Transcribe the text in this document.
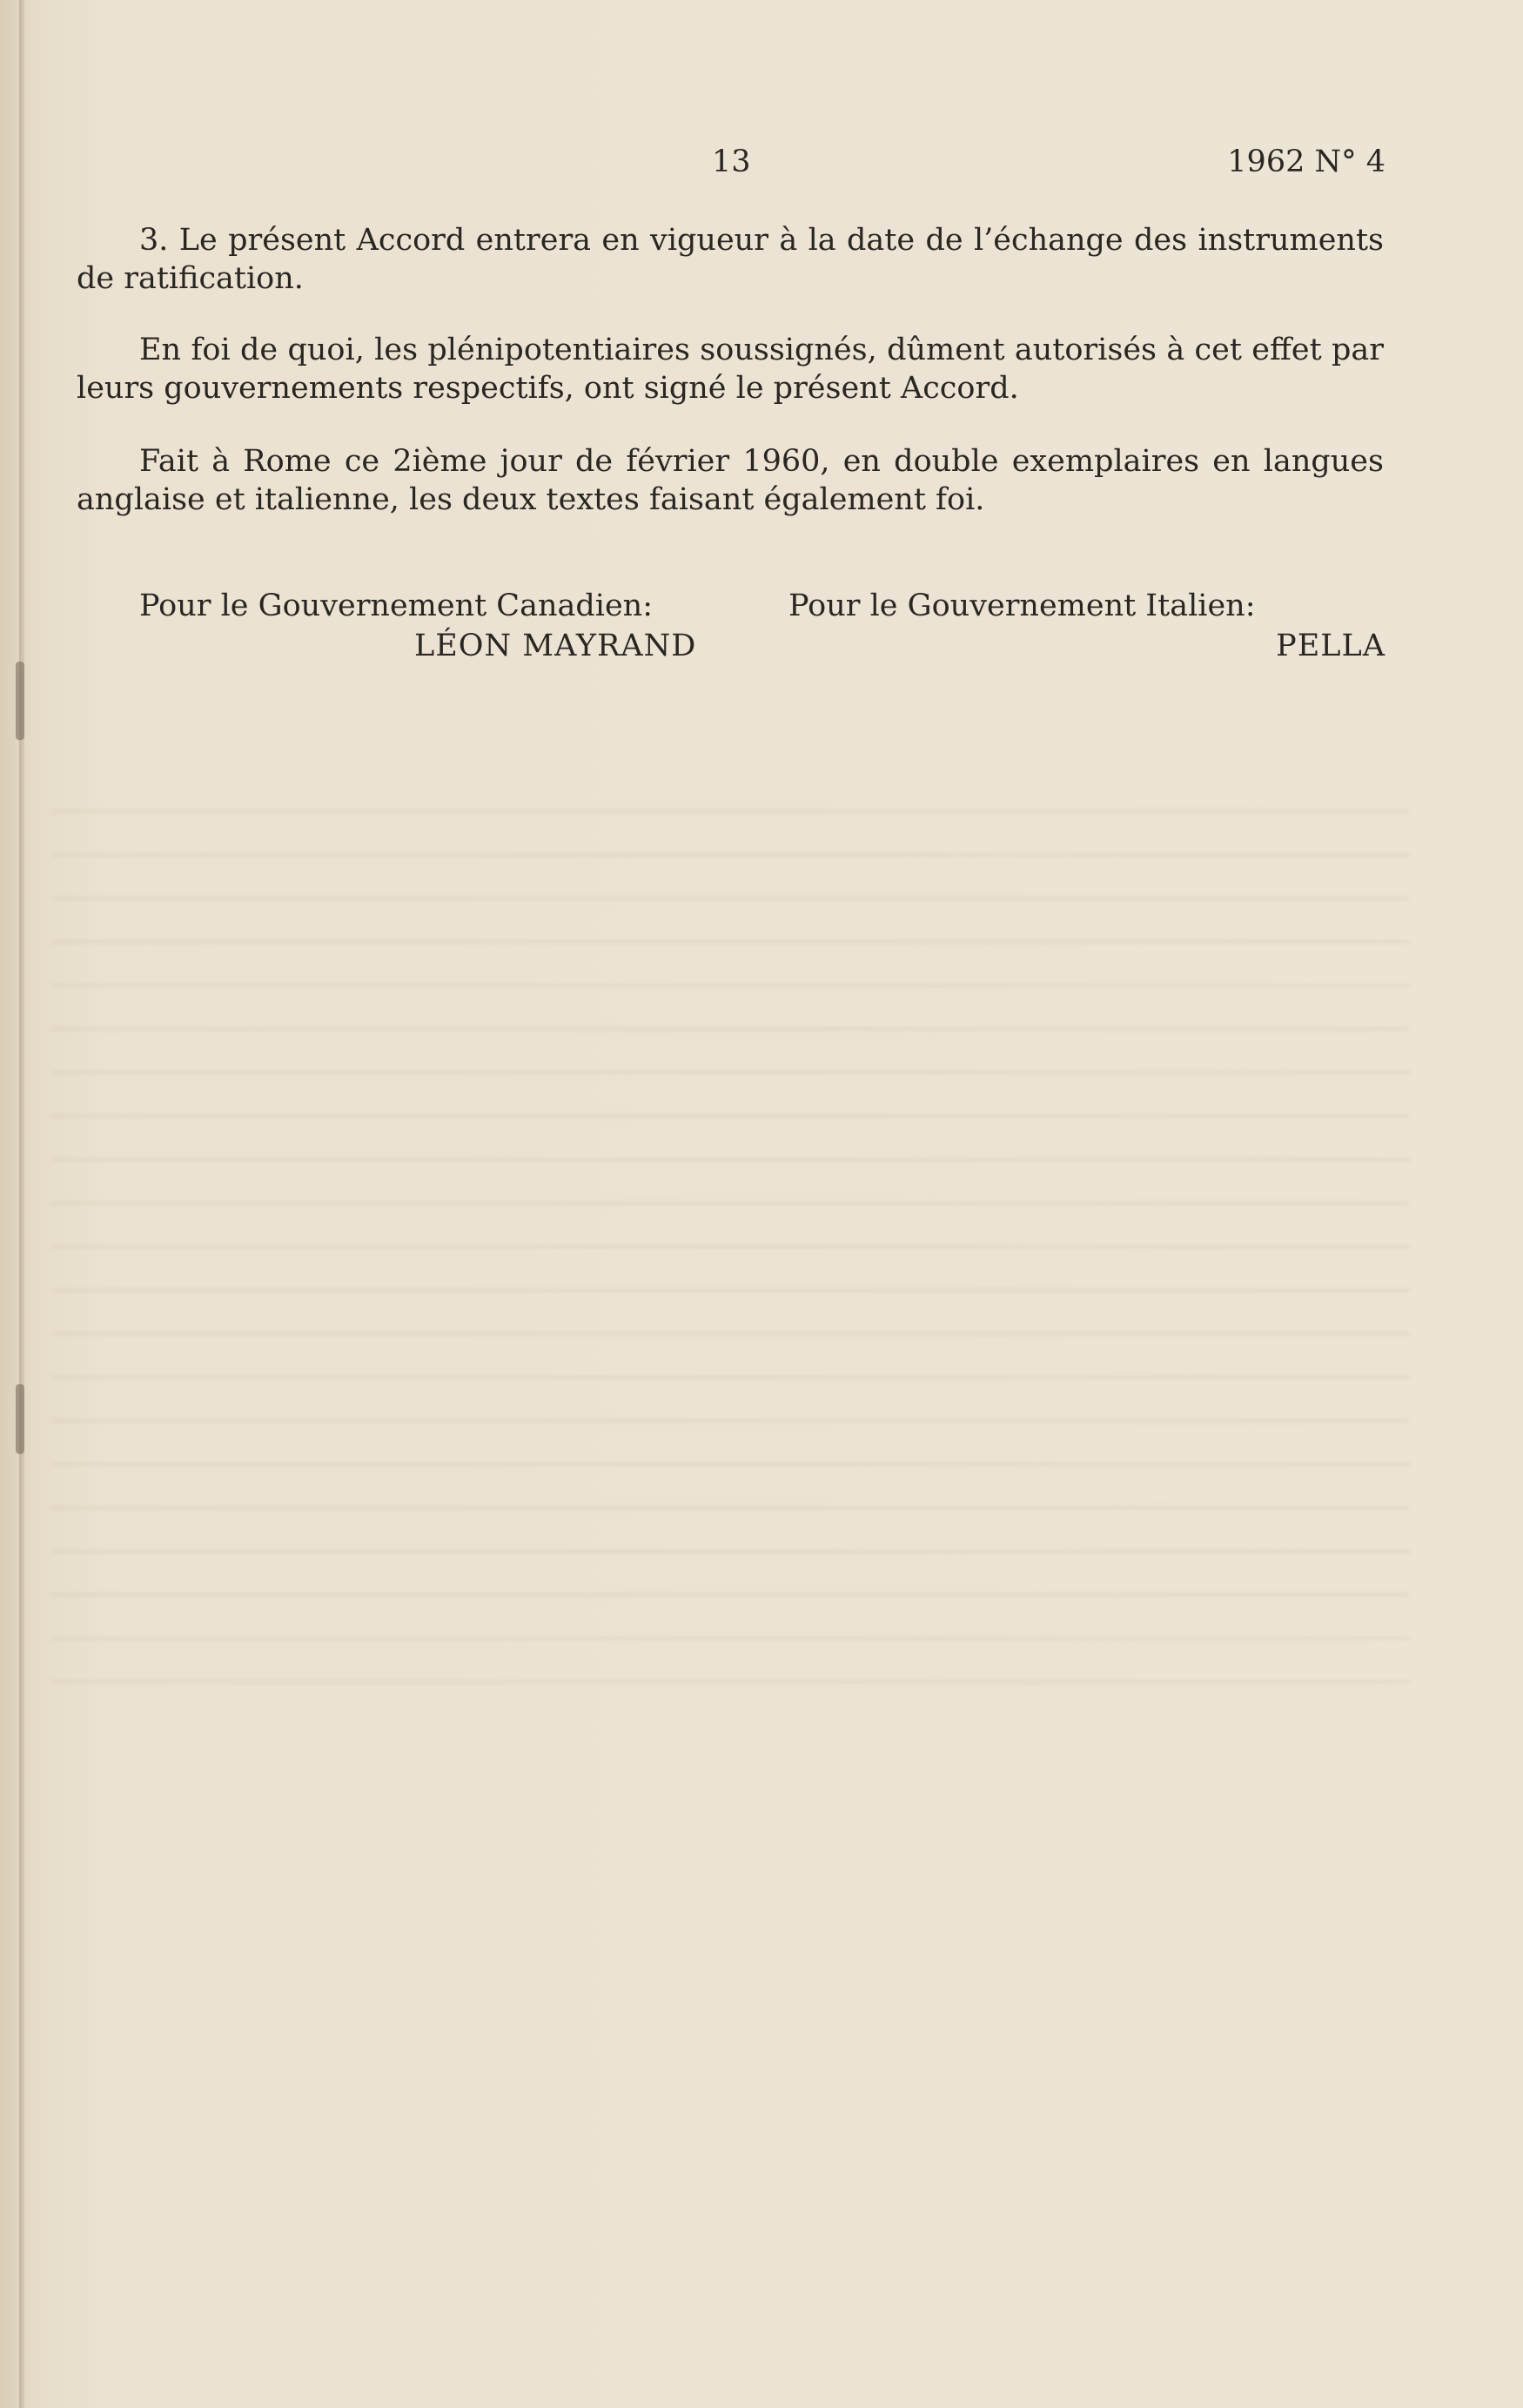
13	1962 N° 4

3. Le présent Accord entrera en vigueur à la date de l’échange des instruments de ratification.

En foi de quoi, les plénipotentiaires soussignés, dûment autorisés à cet effet par leurs gouvernements respectifs, ont signé le présent Accord.

Fait à Rome ce 2ième jour de février 1960, en double exemplaires en langues anglaise et italienne, les deux textes faisant également foi.

Pour le Gouvernement Canadien:	Pour le Gouvernement Italien:
LÉON MAYRAND	PELLA
